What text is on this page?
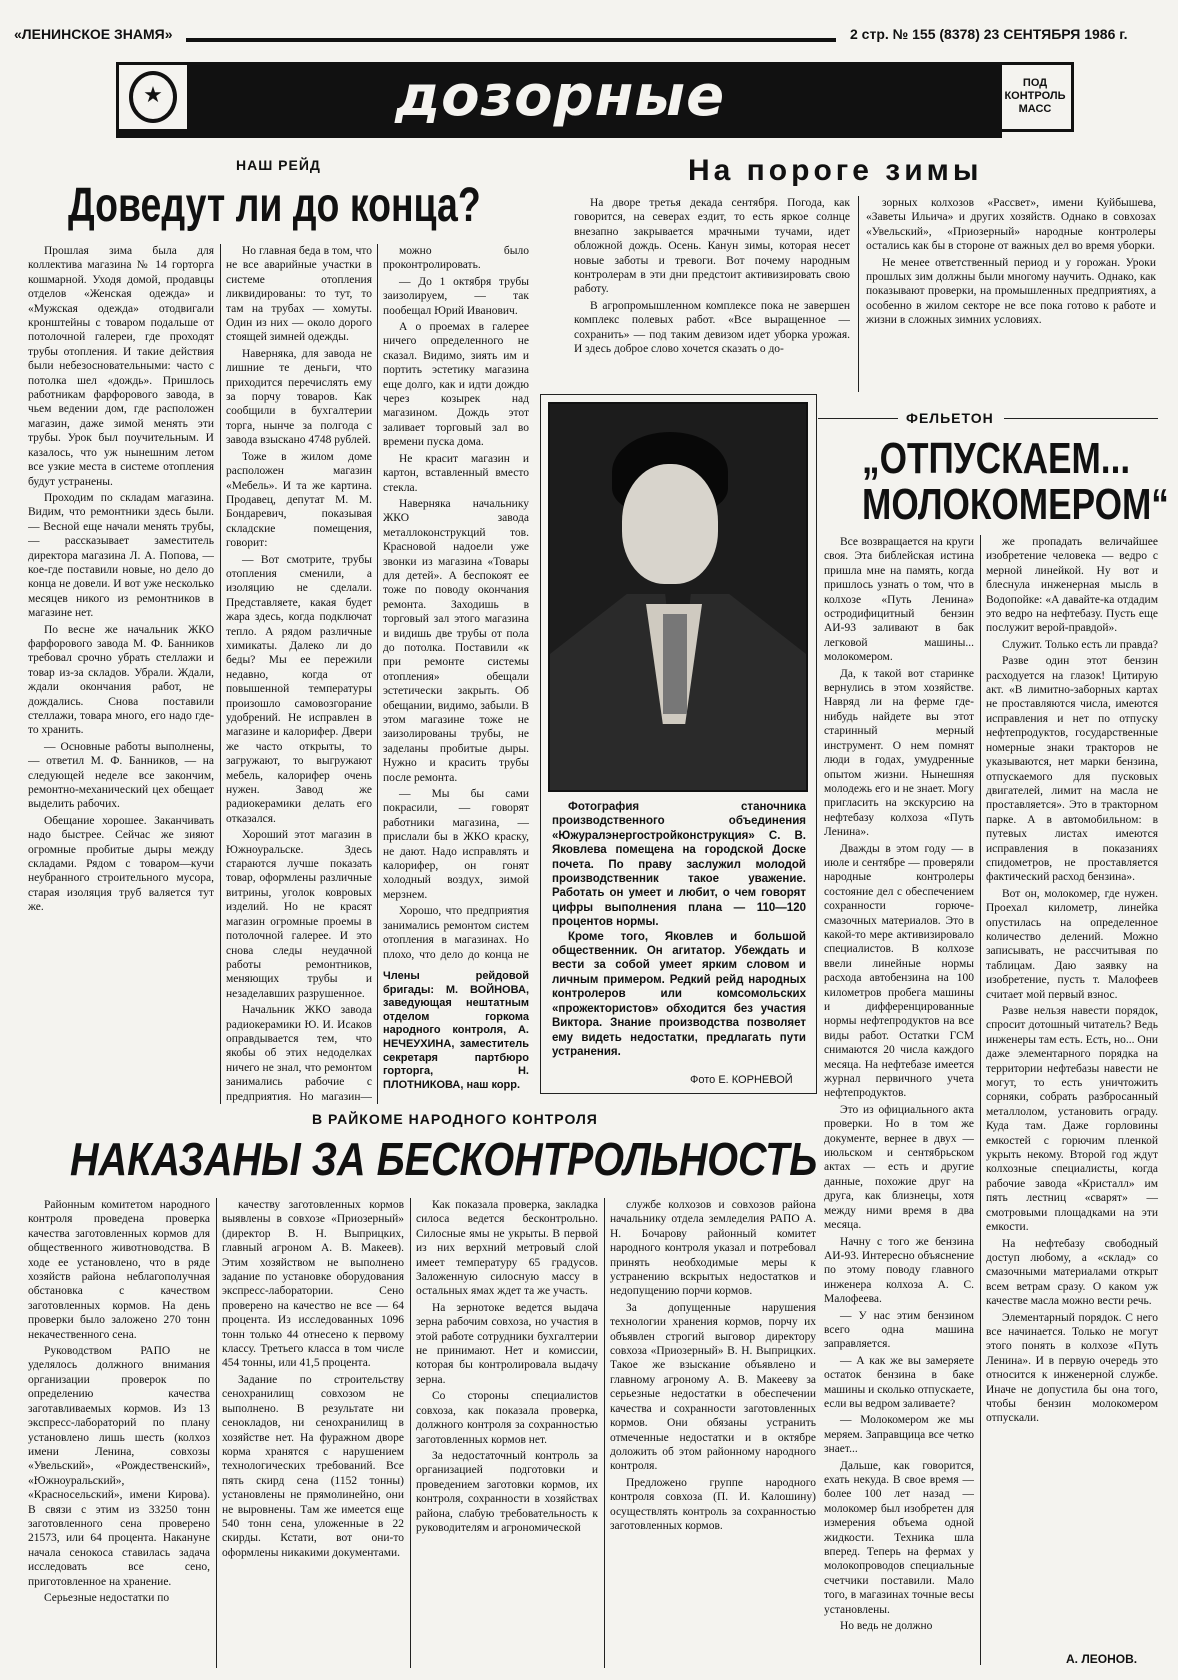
«ЛЕНИНСКОЕ ЗНАМЯ»	2 стр. № 155 (8378) 23 СЕНТЯБРЯ 1986 г.
★	дозорные действуют
ПОД КОНТРОЛЬ МАСС
НАШ РЕЙД
Доведут ли до конца?

Прошлая зима была для коллектива магазина № 14 горторга кошмарной. Уходя домой, продавцы отделов «Женская одежда» и «Мужская одежда» отодвигали кронштейны с товаром подальше от потолочной галереи, где проходят трубы отопления. И такие действия были небезосновательными: часто с потолка шел «дождь». Пришлось работникам фарфорового завода, в чьем ведении дом, где расположен магазин, даже зимой менять эти трубы. Урок был поучительным. И казалось, что уж нынешним летом все узкие места в системе отопления будут устранены.

Проходим по складам магазина. Видим, что ремонтники здесь были. — Весной еще начали менять трубы, — рассказывает заместитель директора магазина Л. А. Попова, — кое-где поставили новые, но дело до конца не довели. И вот уже несколько месяцев никого из ремонтников в магазине нет.

По весне же начальник ЖКО фарфорового завода М. Ф. Банников требовал срочно убрать стеллажи и товар из-за складов. Убрали. Ждали, ждали окончания работ, не дождались. Снова поставили стеллажи, товара много, его надо где-то хранить.

— Основные работы выполнены, — ответил М. Ф. Банников, — на следующей неделе все закончим, ремонтно-механический цех обещает выделить рабочих.

Обещание хорошее. Заканчивать надо быстрее. Сейчас же зияют огромные пробитые дыры между складами. Рядом с товаром—кучи неубранного строительного мусора, старая изоляция труб валяется тут же.

Но главная беда в том, что не все аварийные участки в системе отопления ликвидированы: то тут, то там на трубах — хомуты. Один из них — около дорого стоящей зимней одежды.

Наверняка, для завода не лишние те деньги, что приходится перечислять ему за порчу товаров. Как сообщили в бухгалтерии торга, нынче за полгода с завода взыскано 4748 рублей.

Тоже в жилом доме расположен магазин «Мебель». И та же картина. Продавец, депутат М. М. Бондаревич, показывая складские помещения, говорит:

— Вот смотрите, трубы отопления сменили, а изоляцию не сделали. Представляете, какая будет жара здесь, когда подключат тепло. А рядом различные химикаты. Далеко ли до беды? Мы ее пережили недавно, когда от повышенной температуры произошло самовозгорание удобрений. Не исправлен в магазине и калорифер. Двери же часто открыты, то загружают, то выгружают мебель, калорифер очень нужен. Завод же радиокерамики делать его отказался.

Хороший этот магазин в Южноуральске. Здесь стараются лучше показать товар, оформлены различные витрины, уголок ковровых изделий. Но не красят магазин огромные проемы в потолочной галерее. И это снова следы неудачной работы ремонтников, меняющих трубы и незаделавших разрушенное.

Начальник ЖКО завода радиокерамики Ю. И. Исаков оправдывается тем, что якобы об этих недоделках ничего не знал, что ремонтом занимались рабочие с предприятия. Но магазин—

можно было проконтролировать.

— До 1 октября трубы заизолируем, — так пообещал Юрий Иванович.

А о проемах в галерее ничего определенного не сказал. Видимо, зиять им и портить эстетику магазина еще долго, как и идти дождю через козырек над магазином. Дождь этот заливает торговый зал во времени пуска дома.

Не красит магазин и картон, вставленный вместо стекла.

Наверняка начальнику ЖКО завода металлоконструкций тов. Красновой надоели уже звонки из магазина «Товары для детей». А беспокоят ее тоже по поводу окончания ремонта. Заходишь в торговый зал этого магазина и видишь две трубы от пола до потолка. Поставили «к при ремонте системы отопления» обещали эстетически закрыть. Об обещании, видимо, забыли. В этом магазине тоже не заизолированы трубы, не заделаны пробитые дыры. Нужно и красить трубы после ремонта.

— Мы бы сами покрасили, — говорят работники магазина, — прислали бы в ЖКО краску, не дают. Надо исправлять и калорифер, он гонят холодный воздух, зимой мерзнем.

Хорошо, что предприятия занимались ремонтом систем отопления в магазинах. Но плохо, что дело до конца не

Члены рейдовой бригады: М. ВОЙНОВА, заведующая нештатным отделом горкома народного контроля, А. НЕЧЕУХИНА, заместитель секретаря партбюро горторга, Н. ПЛОТНИКОВА, наш корр.
На пороге зимы

На дворе третья декада сентября. Погода, как говорится, на северах ездит, то есть яркое солнце внезапно закрывается мрачными тучами, идет обложной дождь. Осень. Канун зимы, которая несет новые заботы и тревоги. Вот почему народным контролерам в эти дни предстоит активизировать свою работу.

В агропромышленном комплексе пока не завершен комплекс полевых работ. «Все выращенное — сохранить» — под таким девизом идет уборка урожая. И здесь доброе слово хочется сказать о до-

зорных колхозов «Рассвет», имени Куйбышева, «Заветы Ильича» и других хозяйств. Однако в совхозах «Увельский», «Приозерный» народные контролеры остались как бы в стороне от важных дел во время уборки.

Не менее ответственный период и у горожан. Уроки прошлых зим должны были многому научить. Однако, как показывают проверки, на промышленных предприятиях, а особенно в жилом секторе не все пока готово к работе и жизни в сложных зимних условиях.

Фотография станочника производственного объединения «Южуралэнергостройконструкция» С. В. Яковлева помещена на городской Доске почета. По праву заслужил молодой производственник такое уважение. Работать он умеет и любит, о чем говорят цифры выполнения плана — 110—120 процентов нормы.

Кроме того, Яковлев и большой общественник. Он агитатор. Убеждать и вести за собой умеет ярким словом и личным примером. Редкий рейд народных контролеров или комсомольских «прожектористов» обходится без участия Виктора. Знание производства позволяет ему видеть недостатки, предлагать пути устранения.

Фото Е. КОРНЕВОЙ
ФЕЛЬЕТОН
„ОТПУСКАЕМ...
МОЛОКОМЕРОМ“

Все возвращается на круги своя. Эта библейская истина пришла мне на память, когда пришлось узнать о том, что в колхозе «Путь Ленина» остродифицитный бензин АИ-93 заливают в бак легковой машины... молокомером.

Да, к такой вот старинке вернулись в этом хозяйстве. Навряд ли на ферме где-нибудь найдете вы этот старинный мерный инструмент. О нем помнят люди в годах, умудренные опытом жизни. Нынешняя молодежь его и не знает. Могу пригласить на экскурсию на нефтебазу колхоза «Путь Ленина».

Дважды в этом году — в июле и сентябре — проверяли народные контролеры состояние дел с обеспечением сохранности горюче-смазочных материалов. Это в какой-то мере активизировало специалистов. В колхозе ввели линейные нормы расхода автобензина на 100 километров пробега машины и дифференцированные нормы нефтепродуктов на все виды работ. Остатки ГСМ снимаются 20 числа каждого месяца. На нефтебазе имеется журнал первичного учета нефтепродуктов.

Это из официального акта проверки. Но в том же документе, вернее в двух — июльском и сентябрьском актах — есть и другие данные, похожие друг на друга, как близнецы, хотя между ними время в два месяца.

Начну с того же бензина АИ-93. Интересно объяснение по этому поводу главного инженера колхоза А. С. Малофеева.

— У нас этим бензином всего одна машина заправляется.

— А как же вы замеряете остаток бензина в баке машины и сколько отпускаете, если вы ведром заливаете?

— Молокомером же мы меряем. Заправщица все четко знает...

Дальше, как говорится, ехать некуда. В свое время — более 100 лет назад — молокомер был изобретен для измерения объема одной жидкости. Техника шла вперед. Теперь на фермах у молокопроводов специальные счетчики поставили. Мало того, в магазинах точные весы установлены.

Но ведь не должно

же пропадать величайшее изобретение человека — ведро с мерной линейкой. Ну вот и блеснула инженерная мысль в Водопойке: «А давайте-ка отдадим это ведро на нефтебазу. Пусть еще послужит верой-правдой».

Служит. Только есть ли правда?

Разве один этот бензин расходуется на глазок! Цитирую акт. «В лимитно-заборных картах не проставляются числа, имеются исправления и нет по отпуску нефтепродуктов, государственные номерные знаки тракторов не указываются, нет марки бензина, отпускаемого для пусковых двигателей, лимит на масла не проставляется». Это в тракторном парке. А в автомобильном: в путевых листах имеются исправления в показаниях спидометров, не проставляется фактический расход бензина».

Вот он, молокомер, где нужен. Проехал километр, линейка опустилась на определенное количество делений. Можно записывать, не рассчитывая по таблицам. Даю заявку на изобретение, пусть т. Малофеев считает мой первый взнос.

Разве нельзя навести порядок, спросит дотошный читатель? Ведь инженеры там есть. Есть, но... Они даже элементарного порядка на территории нефтебазы навести не могут, то есть уничтожить сорняки, собрать разбросанный металлолом, установить ограду. Куда там. Даже горловины емкостей с горючим пленкой укрыть некому. Второй год ждут колхозные специалисты, когда рабочие завода «Кристалл» им пять лестниц «сварят» — смотровыми площадками на эти емкости.

На нефтебазу свободный доступ любому, а «склад» со смазочными материалами открыт всем ветрам сразу. О каком уж качестве масла можно вести речь.

Элементарный порядок. С него все начинается. Только не могут этого понять в колхозе «Путь Ленина». И в первую очередь это относится к инженерной службе. Иначе не допустила бы она того, чтобы бензин молокомером отпускали.

А. ЛЕОНОВ.
В РАЙКОМЕ НАРОДНОГО КОНТРОЛЯ
НАКАЗАНЫ ЗА БЕСКОНТРОЛЬНОСТЬ

Районным комитетом народного контроля проведена проверка качества заготовленных кормов для общественного животноводства. В ходе ее установлено, что в ряде хозяйств района неблагополучная обстановка с качеством заготовленных кормов. На день проверки было заложено 270 тонн некачественного сена.

Руководством РАПО не уделялось должного внимания организации проверок по определению качества заготавливаемых кормов. Из 13 экспресс-лабораторий по плану установлено лишь шесть (колхоз имени Ленина, совхозы «Увельский», «Рождественский», «Южноуральский», «Красносельский», имени Кирова). В связи с этим из 33250 тонн заготовленного сена проверено 21573, или 64 процента. Накануне начала сенокоса ставилась задача исследовать все сено, приготовленное на хранение.

Серьезные недостатки по

качеству заготовленных кормов выявлены в совхозе «Приозерный» (директор В. Н. Выприцких, главный агроном А. В. Макеев). Этим хозяйством не выполнено задание по установке оборудования экспресс-лаборатории. Сено проверено на качество не все — 64 процента. Из исследованных 1096 тонн только 44 отнесено к первому классу. Третьего класса в том числе 454 тонны, или 41,5 процента.

Задание по строительству сенохранилищ совхозом не выполнено. В результате ни сенокладов, ни сенохранилищ в хозяйстве нет. На фуражном дворе корма хранятся с нарушением технологических требований. Все пять скирд сена (1152 тонны) установлены не прямолинейно, они не выровнены. Там же имеется еще 540 тонн сена, уложенные в 22 скирды. Кстати, вот они-то оформлены никакими документами.

Как показала проверка, закладка силоса ведется бесконтрольно. Силосные ямы не укрыты. В первой из них верхний метровый слой имеет температуру 65 градусов. Заложенную силосную массу в остальных ямах ждет та же участь.

На зернотоке ведется выдача зерна рабочим совхоза, но участия в этой работе сотрудники бухгалтерии не принимают. Нет и комиссии, которая бы контролировала выдачу зерна.

Со стороны специалистов совхоза, как показала проверка, должного контроля за сохранностью заготовленных кормов нет.

За недостаточный контроль за организацией подготовки и проведением заготовки кормов, их контроля, сохранности в хозяйствах района, слабую требовательность к руководителям и агрономической

службе колхозов и совхозов района начальнику отдела земледелия РАПО А. Н. Бочарову районный комитет народного контроля указал и потребовал принять необходимые меры к устранению вскрытых недостатков и недопущению порчи кормов.

За допущенные нарушения технологии хранения кормов, порчу их объявлен строгий выговор директору совхоза «Приозерный» В. Н. Выприцких. Такое же взыскание объявлено и главному агроному А. В. Макееву за серьезные недостатки в обеспечении качества и сохранности заготовленных кормов. Они обязаны устранить отмеченные недостатки и в октябре доложить об этом районному народного контроля.

Предложено группе народного контроля совхоза (П. И. Калошину) осуществлять контроль за сохранностью заготовленных кормов.
